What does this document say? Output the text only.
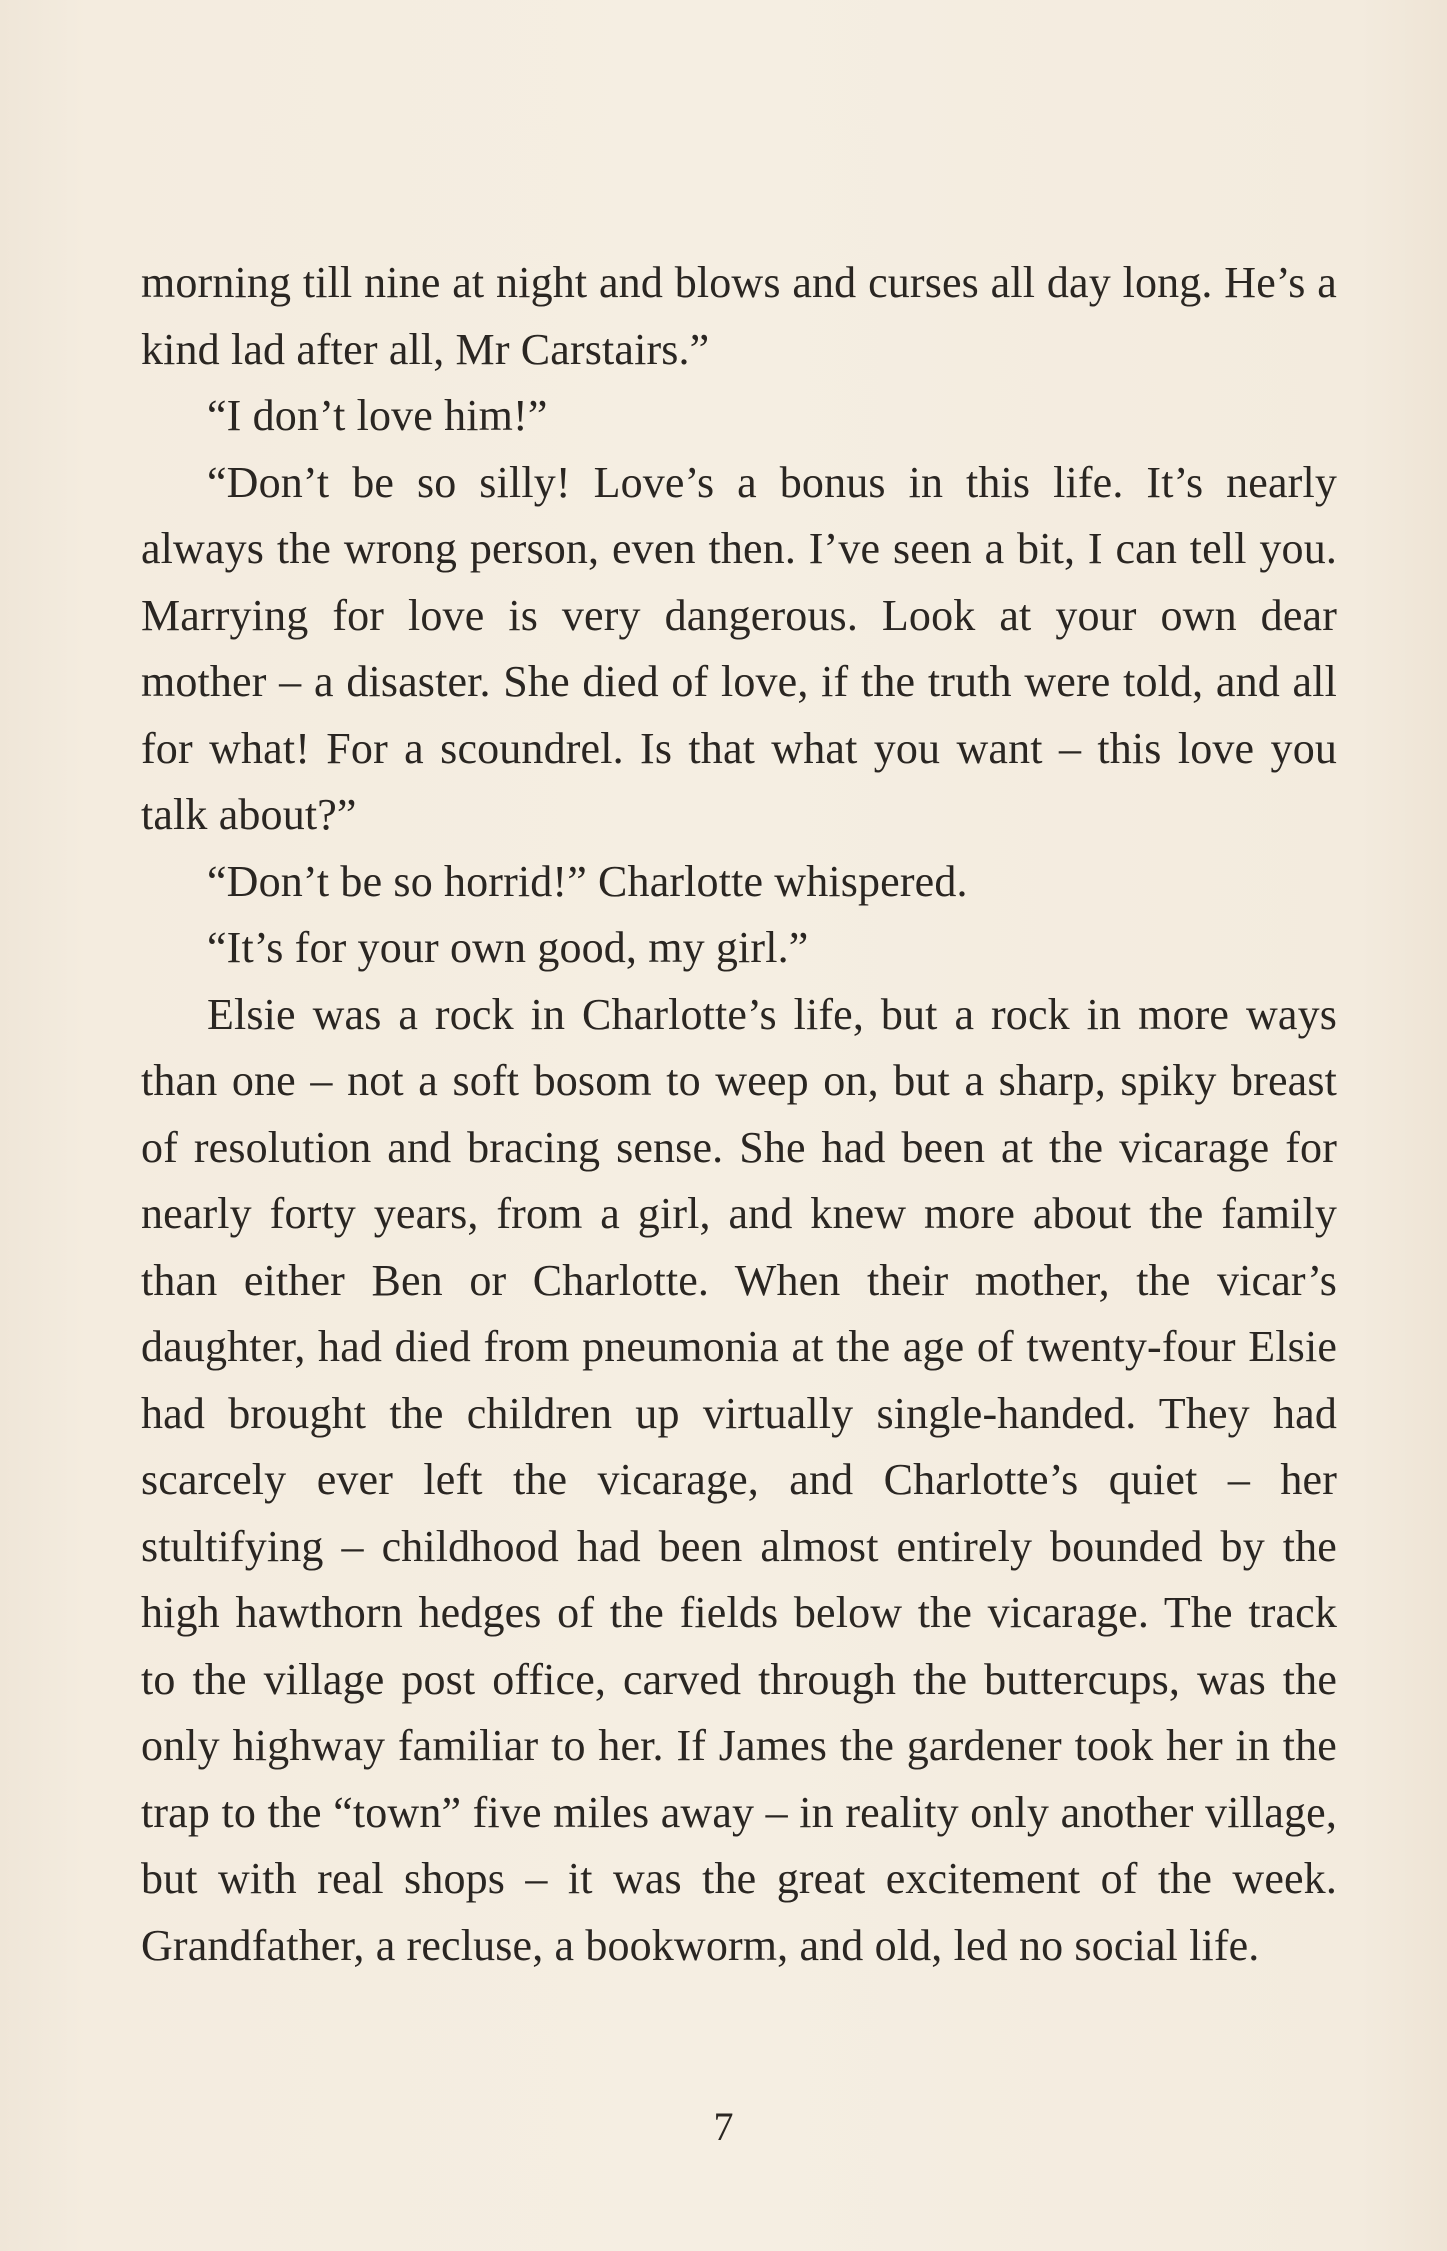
morning till nine at night and blows and curses all day long. He’s a kind lad after all, Mr Carstairs.”

“I don’t love him!”

“Don’t be so silly! Love’s a bonus in this life. It’s nearly always the wrong person, even then. I’ve seen a bit, I can tell you. Marrying for love is very dangerous. Look at your own dear mother – a disaster. She died of love, if the truth were told, and all for what! For a scoundrel. Is that what you want – this love you talk about?”

“Don’t be so horrid!” Charlotte whispered.

“It’s for your own good, my girl.”

Elsie was a rock in Charlotte’s life, but a rock in more ways than one – not a soft bosom to weep on, but a sharp, spiky breast of resolution and bracing sense. She had been at the vicarage for nearly forty years, from a girl, and knew more about the family than either Ben or Charlotte. When their mother, the vicar’s daughter, had died from pneumonia at the age of twenty-four Elsie had brought the children up virtually single-handed. They had scarcely ever left the vicarage, and Charlotte’s quiet – her stultifying – childhood had been almost entirely bounded by the high hawthorn hedges of the fields below the vicarage. The track to the village post office, carved through the buttercups, was the only highway familiar to her. If James the gardener took her in the trap to the “town” five miles away – in reality only another village, but with real shops – it was the great excitement of the week. Grandfather, a recluse, a bookworm, and old, led no social life.

7
